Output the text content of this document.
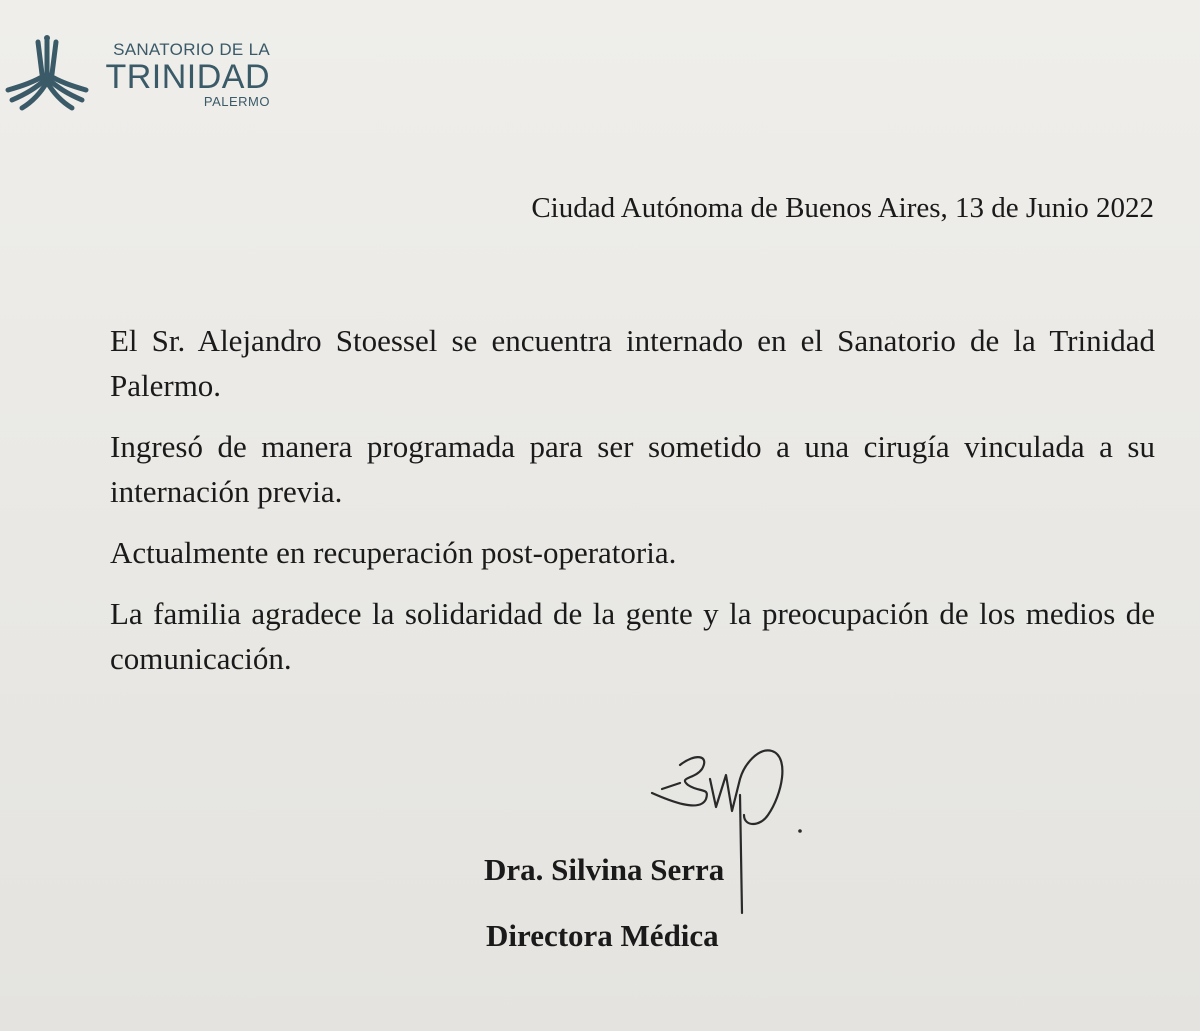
SANATORIO DE LA
TRINIDAD
PALERMO
Ciudad Autónoma de Buenos Aires, 13 de Junio 2022

El Sr. Alejandro Stoessel se encuentra internado en el Sanatorio de la Trinidad Palermo.

Ingresó de manera programada para ser sometido a una cirugía vinculada a su internación previa.

Actualmente en recuperación post-operatoria.

La familia agradece la solidaridad de la gente y la preocupación de los medios de comunicación.

Dra. Silvina Serra
Directora Médica
